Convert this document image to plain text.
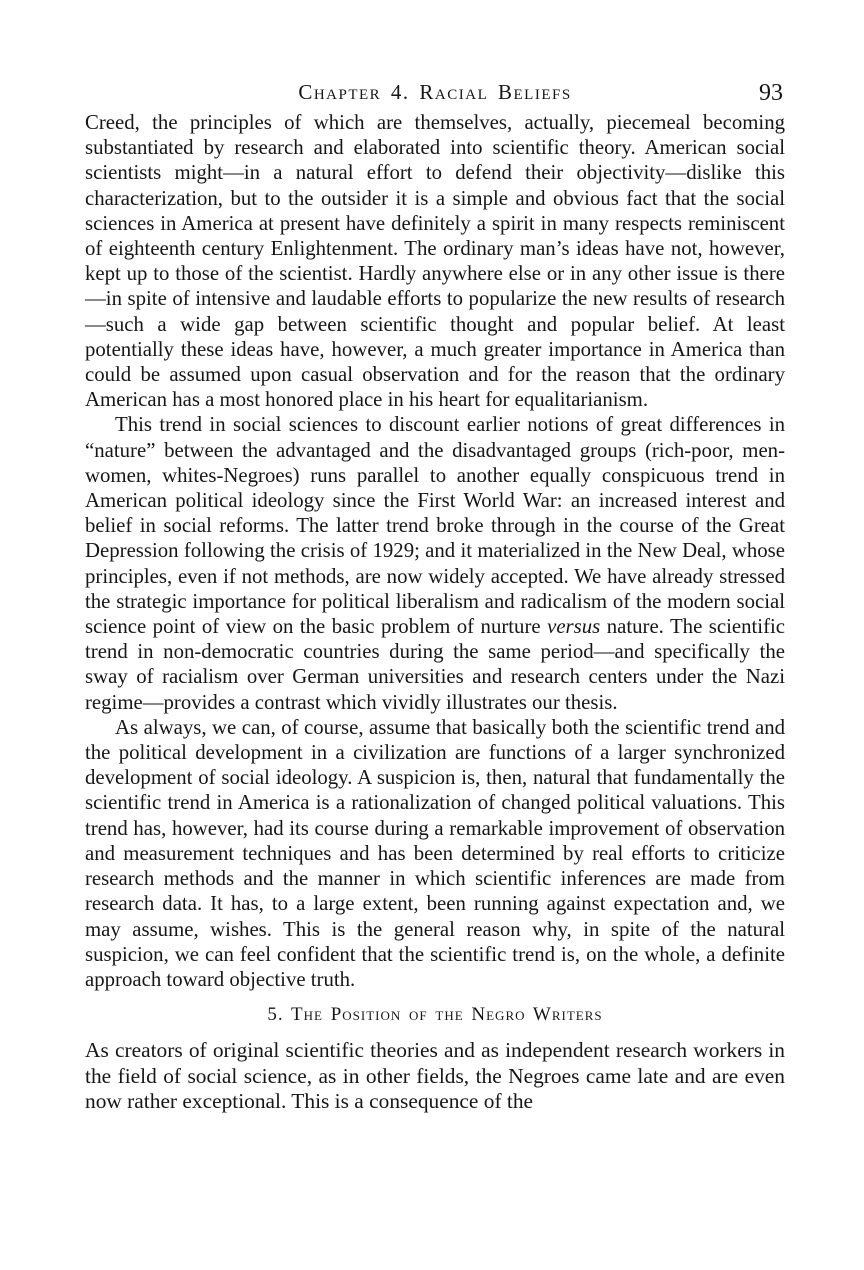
Chapter 4. Racial Beliefs	93

Creed, the principles of which are themselves, actually, piecemeal becoming substantiated by research and elaborated into scientific theory. American social scientists might—in a natural effort to defend their objectivity—dislike this characterization, but to the outsider it is a simple and obvious fact that the social sciences in America at present have definitely a spirit in many respects reminiscent of eighteenth century Enlightenment. The ordinary man’s ideas have not, however, kept up to those of the scientist. Hardly anywhere else or in any other issue is there—in spite of intensive and laudable efforts to popularize the new results of research—such a wide gap between scientific thought and popular belief. At least potentially these ideas have, however, a much greater importance in America than could be assumed upon casual observation and for the reason that the ordinary American has a most honored place in his heart for equalitarianism.

This trend in social sciences to discount earlier notions of great differences in “nature” between the advantaged and the disadvantaged groups (rich-poor, men-women, whites-Negroes) runs parallel to another equally conspicuous trend in American political ideology since the First World War: an increased interest and belief in social reforms. The latter trend broke through in the course of the Great Depression following the crisis of 1929; and it materialized in the New Deal, whose principles, even if not methods, are now widely accepted. We have already stressed the strategic importance for political liberalism and radicalism of the modern social science point of view on the basic problem of nurture versus nature. The scientific trend in non-democratic countries during the same period—and specifically the sway of racialism over German universities and research centers under the Nazi regime—provides a contrast which vividly illustrates our thesis.

As always, we can, of course, assume that basically both the scientific trend and the political development in a civilization are functions of a larger synchronized development of social ideology. A suspicion is, then, natural that fundamentally the scientific trend in America is a rationalization of changed political valuations. This trend has, however, had its course during a remarkable improvement of observation and measurement techniques and has been determined by real efforts to criticize research methods and the manner in which scientific inferences are made from research data. It has, to a large extent, been running against expectation and, we may assume, wishes. This is the general reason why, in spite of the natural suspicion, we can feel confident that the scientific trend is, on the whole, a definite approach toward objective truth.

5. The Position of the Negro Writers

As creators of original scientific theories and as independent research workers in the field of social science, as in other fields, the Negroes came late and are even now rather exceptional. This is a consequence of the
